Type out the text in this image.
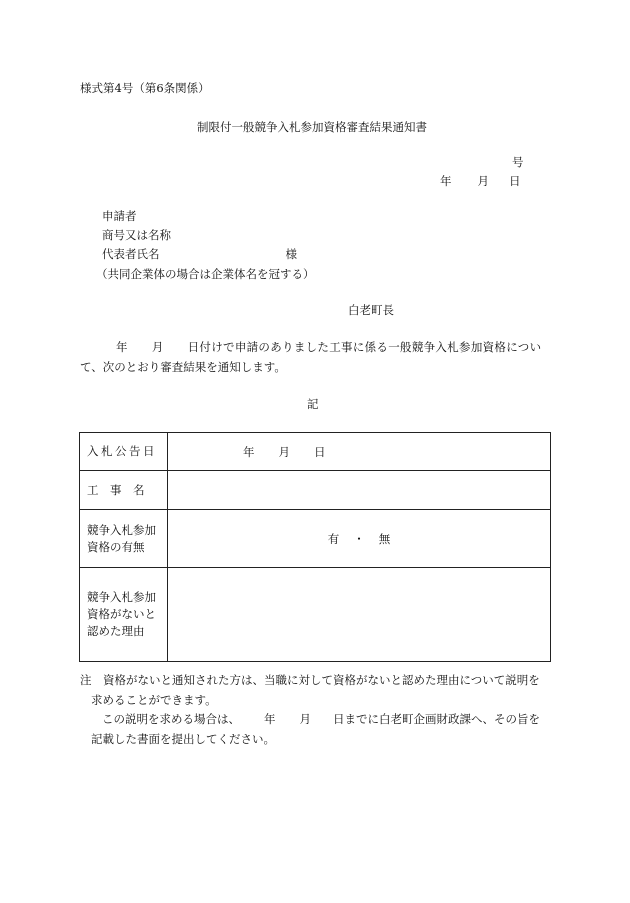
様式第4号（第6条関係）
制限付一般競争入札参加資格審査結果通知書
号
年 月 日
申請者
商号又は名称
代表者氏名	様
（共同企業体の場合は企業体名を冠する）
白老町長
年 月 日付けで申請のありました工事に係る一般競争入札参加資格につい
て、次のとおり審査結果を通知します。
記
入札公告日	年 月 日
工　事　名	

競争入札参加
資格の有無	有 ・ 無

競争入札参加
資格がないと
認めた理由	

注　資格がないと通知された方は、当職に対して資格がないと認めた理由について説明を
求めることができます。
この説明を求める場合は、 年 月 日までに白老町企画財政課へ、その旨を
記載した書面を提出してください。
